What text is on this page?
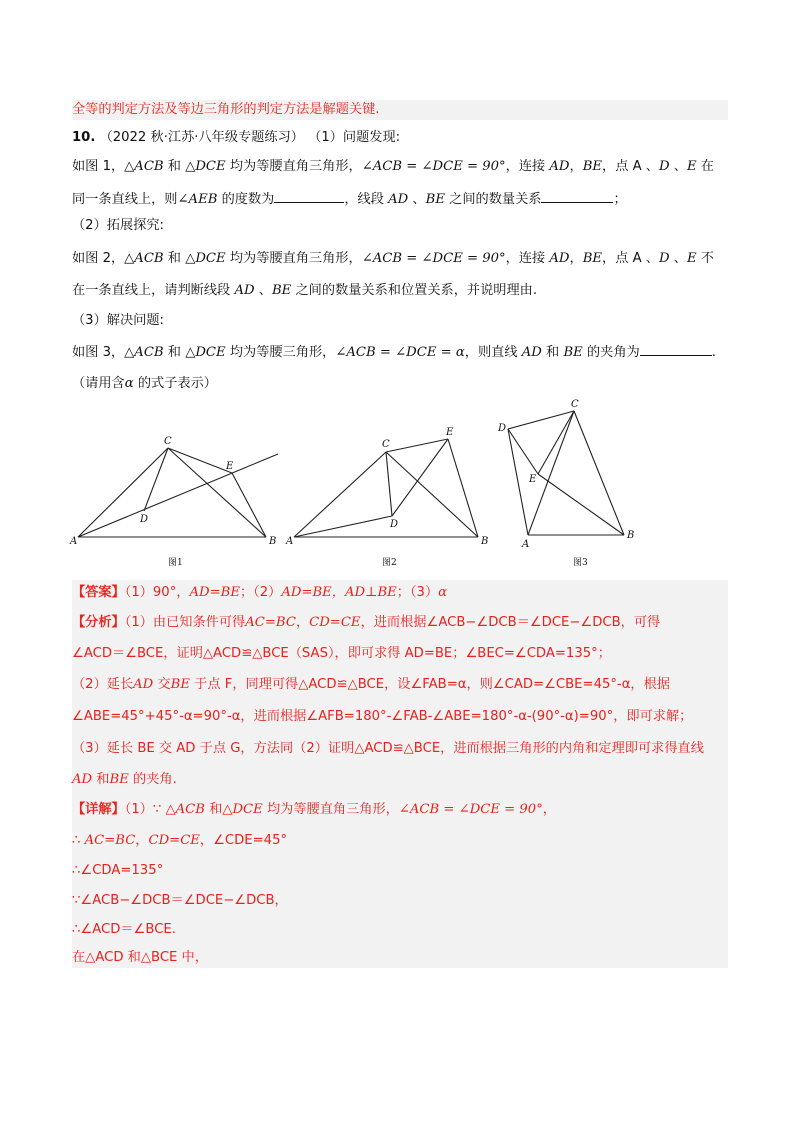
全等的判定方法及等边三角形的判定方法是解题关键.
10. （2022 秋·江苏·八年级专题练习） （1）问题发现:
如图 1，△ACB 和 △DCE 均为等腰直角三角形，∠ACB = ∠DCE = 90°，连接 AD，BE，点 A 、D 、E 在
同一条直线上，则∠AEB 的度数为	，线段 AD 、BE 之间的数量关系	；
（2）拓展探究:
如图 2，△ACB 和 △DCE 均为等腰直角三角形，∠ACB = ∠DCE = 90°，连接 AD，BE，点 A 、D 、E 不
在一条直线上，请判断线段 AD 、BE 之间的数量关系和位置关系，并说明理由.
（3）解决问题:
如图 3，△ACB 和 △DCE 均为等腰三角形，∠ACB = ∠DCE = α，则直线 AD 和 BE 的夹角为	.
（请用含α 的式子表示）
A	B
C
D
E
图1
A	B
C
D
E
图2
A
B
C
D
E
图3
【答案】（1）90°，AD=BE；（2）AD=BE，AD⊥BE；（3）α
【分析】（1）由已知条件可得AC=BC，CD=CE，进而根据∠ACB−∠DCB＝∠DCE−∠DCB，可得
∠ACD＝∠BCE，证明△ACD≌△BCE（SAS），即可求得 AD=BE；∠BEC=∠CDA=135°；
（2）延长AD 交BE 于点 F，同理可得△ACD≌△BCE，设∠FAB=α，则∠CAD=∠CBE=45°-α，根据
∠ABE=45°+45°-α=90°-α，进而根据∠AFB=180°-∠FAB-∠ABE=180°-α-(90°-α)=90°，即可求解；
（3）延长 BE 交 AD 于点 G，方法同（2）证明△ACD≌△BCE，进而根据三角形的内角和定理即可求得直线
AD 和BE 的夹角.
【详解】（1）∵ △ACB 和△DCE 均为等腰直角三角形，∠ACB = ∠DCE = 90°，
∴ AC=BC，CD=CE，∠CDE=45°
∴∠CDA=135°
∵∠ACB−∠DCB＝∠DCE−∠DCB，
∴∠ACD＝∠BCE.
在△ACD 和△BCE 中，
